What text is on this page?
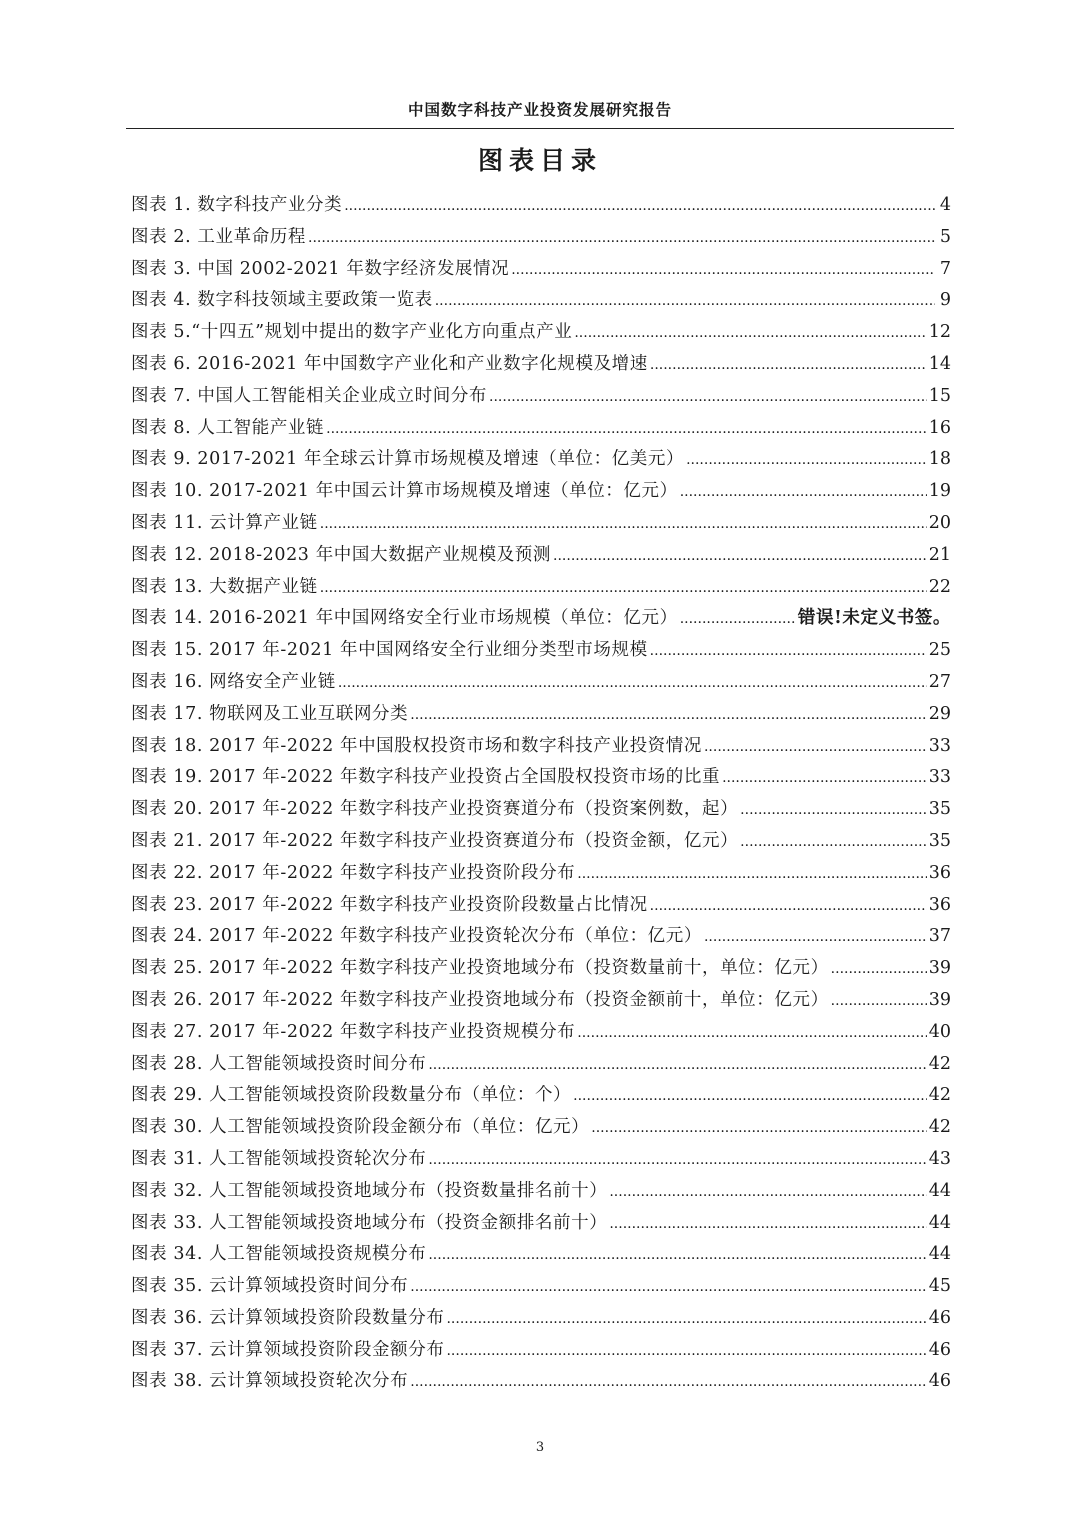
中国数字科技产业投资发展研究报告
图表目录
图表 1. 数字科技产业分类 .....	4
图表 2. 工业革命历程 .....	5
图表 3. 中国 2002-2021 年数字经济发展情况 .....	7
图表 4. 数字科技领域主要政策一览表 .....	9
图表 5.“十四五”规划中提出的数字产业化方向重点产业 .....	12
图表 6. 2016-2021 年中国数字产业化和产业数字化规模及增速 .....	14
图表 7. 中国人工智能相关企业成立时间分布 .....	15
图表 8. 人工智能产业链 .....	16
图表 9. 2017-2021 年全球云计算市场规模及增速（单位：亿美元） .....	18
图表 10. 2017-2021 年中国云计算市场规模及增速（单位：亿元） .....	19
图表 11. 云计算产业链 .....	20
图表 12. 2018-2023 年中国大数据产业规模及预测 .....	21
图表 13. 大数据产业链 .....	22
图表 14. 2016-2021 年中国网络安全行业市场规模（单位：亿元） .....	错误!未定义书签。
图表 15. 2017 年-2021 年中国网络安全行业细分类型市场规模 .....	25
图表 16. 网络安全产业链 .....	27
图表 17. 物联网及工业互联网分类 .....	29
图表 18. 2017 年-2022 年中国股权投资市场和数字科技产业投资情况 .....	33
图表 19. 2017 年-2022 年数字科技产业投资占全国股权投资市场的比重 .....	33
图表 20. 2017 年-2022 年数字科技产业投资赛道分布（投资案例数，起） .....	35
图表 21. 2017 年-2022 年数字科技产业投资赛道分布（投资金额，亿元） .....	35
图表 22. 2017 年-2022 年数字科技产业投资阶段分布 .....	36
图表 23. 2017 年-2022 年数字科技产业投资阶段数量占比情况 .....	36
图表 24. 2017 年-2022 年数字科技产业投资轮次分布（单位：亿元） .....	37
图表 25. 2017 年-2022 年数字科技产业投资地域分布（投资数量前十，单位：亿元） .....	39
图表 26. 2017 年-2022 年数字科技产业投资地域分布（投资金额前十，单位：亿元） .....	39
图表 27. 2017 年-2022 年数字科技产业投资规模分布 .....	40
图表 28. 人工智能领域投资时间分布 .....	42
图表 29. 人工智能领域投资阶段数量分布（单位：个） .....	42
图表 30. 人工智能领域投资阶段金额分布（单位：亿元） .....	42
图表 31. 人工智能领域投资轮次分布 .....	43
图表 32. 人工智能领域投资地域分布（投资数量排名前十） .....	44
图表 33. 人工智能领域投资地域分布（投资金额排名前十） .....	44
图表 34. 人工智能领域投资规模分布 .....	44
图表 35. 云计算领域投资时间分布 .....	45
图表 36. 云计算领域投资阶段数量分布 .....	46
图表 37. 云计算领域投资阶段金额分布 .....	46
图表 38. 云计算领域投资轮次分布 .....	46
3
